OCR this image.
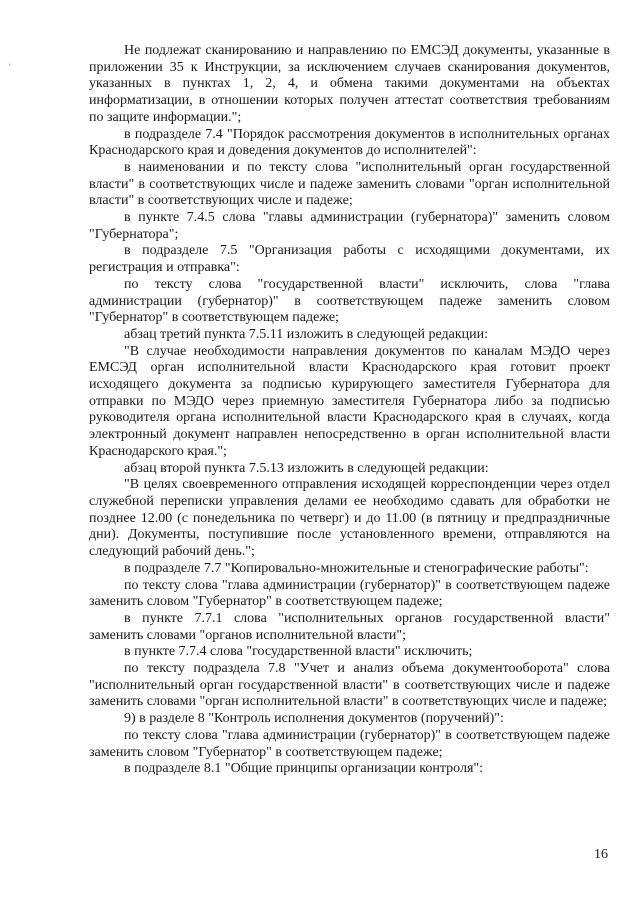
’

Не подлежат сканированию и направлению по ЕМСЭД документы, указанные в приложении 35 к Инструкции, за исключением случаев сканирования документов, указанных в пунктах 1, 2, 4, и обмена такими документами на объектах информатизации, в отношении которых получен аттестат соответствия требованиям по защите информации.";

в подразделе 7.4 "Порядок рассмотрения документов в исполнительных органах Краснодарского края и доведения документов до исполнителей":

в наименовании и по тексту слова "исполнительный орган государственной власти" в соответствующих числе и падеже заменить словами "орган исполнительной власти" в соответствующих числе и падеже;

в пункте 7.4.5 слова "главы администрации (губернатора)" заменить словом "Губернатора";

в подразделе 7.5 "Организация работы с исходящими документами, их регистрация и отправка":

по тексту слова "государственной власти" исключить, слова "глава администрации (губернатор)" в соответствующем падеже заменить словом "Губернатор" в соответствующем падеже;

абзац третий пункта 7.5.11 изложить в следующей редакции:

"В случае необходимости направления документов по каналам МЭДО через ЕМСЭД орган исполнительной власти Краснодарского края готовит проект исходящего документа за подписью курирующего заместителя Губернатора для отправки по МЭДО через приемную заместителя Губернатора либо за подписью руководителя органа исполнительной власти Краснодарского края в случаях, когда электронный документ направлен непосредственно в орган исполнительной власти Краснодарского края.";

абзац второй пункта 7.5.13 изложить в следующей редакции:

"В целях своевременного отправления исходящей корреспонденции через отдел служебной переписки управления делами ее необходимо сдавать для обработки не позднее 12.00 (с понедельника по четверг) и до 11.00 (в пятницу и предпраздничные дни). Документы, поступившие после установленного времени, отправляются на следующий рабочий день.";

в подразделе 7.7 "Копировально-множительные и стенографические работы":

по тексту слова "глава администрации (губернатор)" в соответствующем падеже заменить словом "Губернатор" в соответствующем падеже;

в пункте 7.7.1 слова "исполнительных органов государственной власти" заменить словами "органов исполнительной власти";

в пункте 7.7.4 слова "государственной власти" исключить;

по тексту подраздела 7.8 "Учет и анализ объема документооборота" слова "исполнительный орган государственной власти" в соответствующих числе и падеже заменить словами "орган исполнительной власти" в соответствующих числе и падеже;

9) в разделе 8 "Контроль исполнения документов (поручений)":

по тексту слова "глава администрации (губернатор)" в соответствующем падеже заменить словом "Губернатор" в соответствующем падеже;

в подразделе 8.1 "Общие принципы организации контроля":

16
